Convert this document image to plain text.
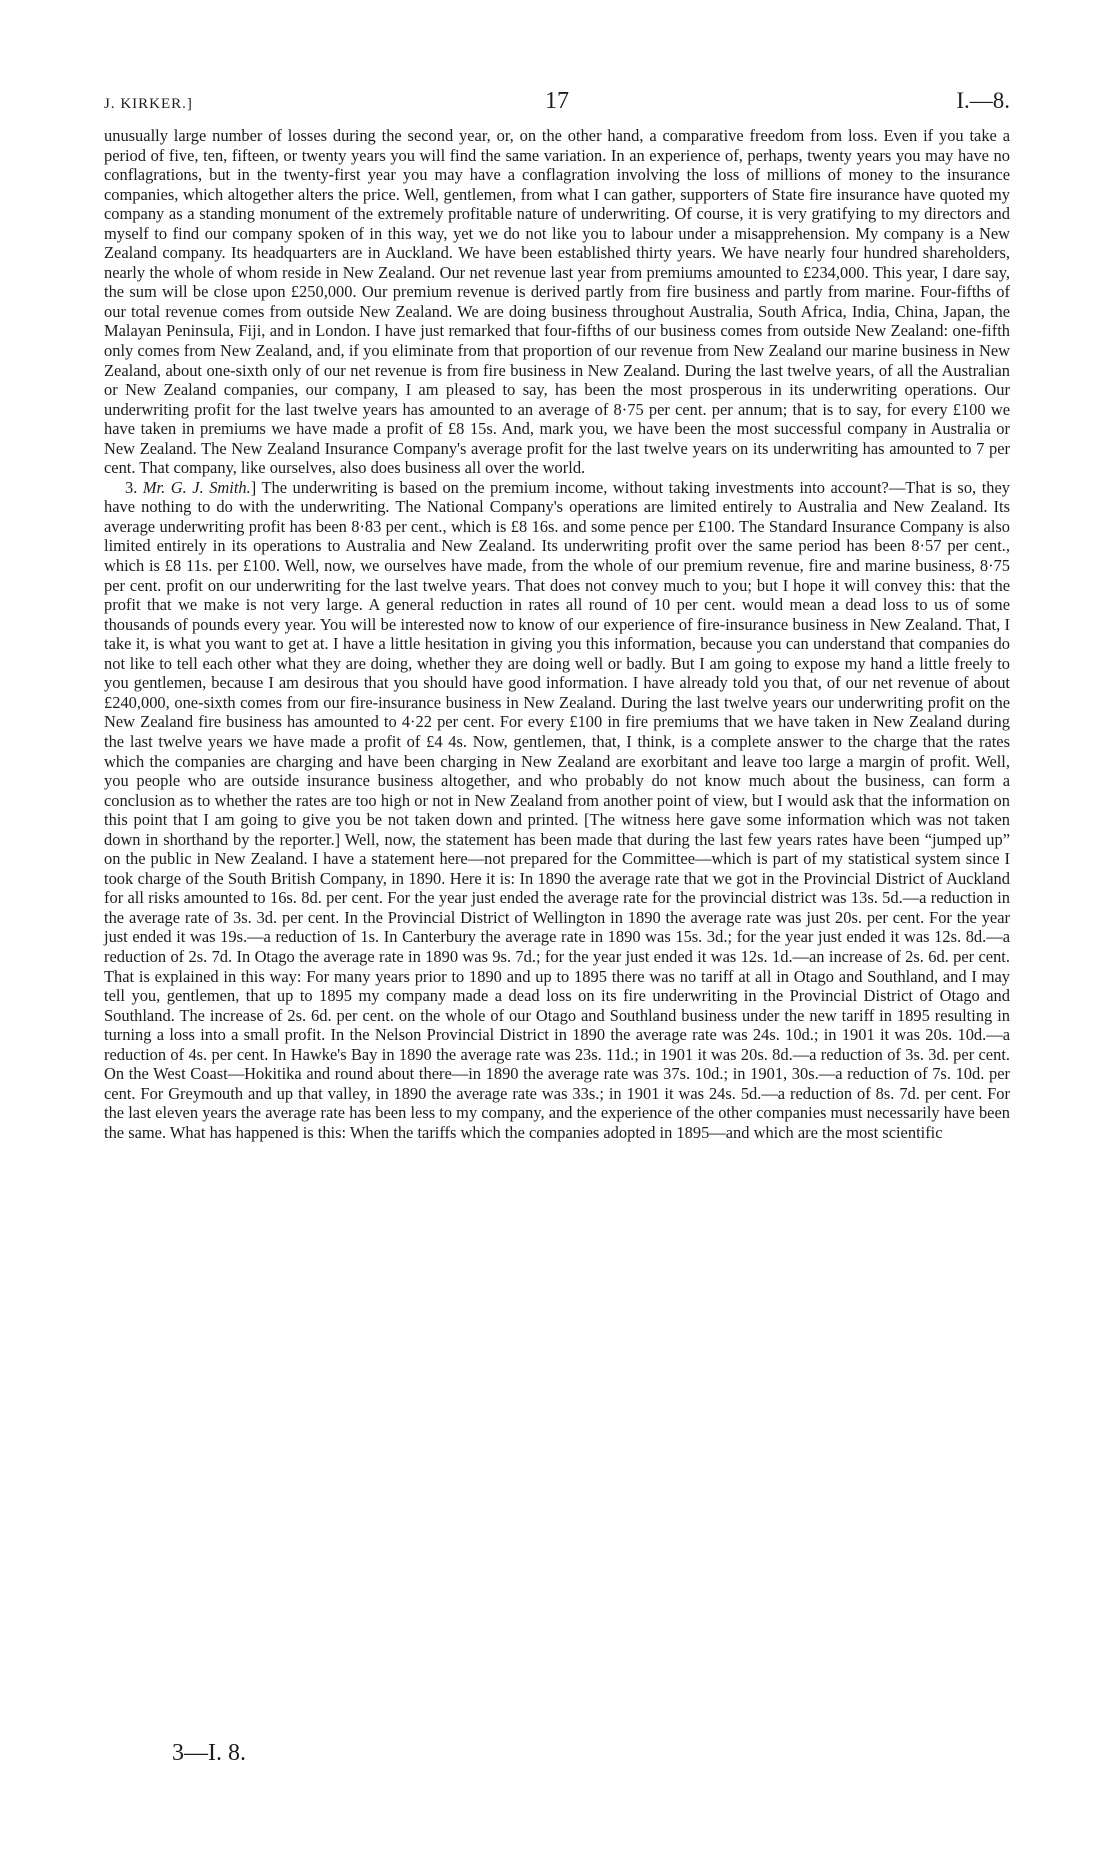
J. KIRKER.]	17	I.—8.

unusually large number of losses during the second year, or, on the other hand, a comparative freedom from loss. Even if you take a period of five, ten, fifteen, or twenty years you will find the same variation. In an experience of, perhaps, twenty years you may have no conflagrations, but in the twenty-first year you may have a conflagration involving the loss of millions of money to the insurance companies, which altogether alters the price. Well, gentlemen, from what I can gather, supporters of State fire insurance have quoted my company as a standing monument of the extremely profitable nature of underwriting. Of course, it is very gratifying to my directors and myself to find our company spoken of in this way, yet we do not like you to labour under a misapprehension. My company is a New Zealand company. Its headquarters are in Auckland. We have been established thirty years. We have nearly four hundred shareholders, nearly the whole of whom reside in New Zealand. Our net revenue last year from premiums amounted to £234,000. This year, I dare say, the sum will be close upon £250,000. Our premium revenue is derived partly from fire business and partly from marine. Four-fifths of our total revenue comes from outside New Zealand. We are doing business throughout Australia, South Africa, India, China, Japan, the Malayan Peninsula, Fiji, and in London. I have just remarked that four-fifths of our business comes from outside New Zealand: one-fifth only comes from New Zealand, and, if you eliminate from that proportion of our revenue from New Zealand our marine business in New Zealand, about one-sixth only of our net revenue is from fire business in New Zealand. During the last twelve years, of all the Australian or New Zealand companies, our company, I am pleased to say, has been the most prosperous in its underwriting operations. Our underwriting profit for the last twelve years has amounted to an average of 8·75 per cent. per annum; that is to say, for every £100 we have taken in premiums we have made a profit of £8 15s. And, mark you, we have been the most successful company in Australia or New Zealand. The New Zealand Insurance Company's average profit for the last twelve years on its underwriting has amounted to 7 per cent. That company, like ourselves, also does business all over the world.

3. Mr. G. J. Smith.] The underwriting is based on the premium income, without taking investments into account?—That is so, they have nothing to do with the underwriting. The National Company's operations are limited entirely to Australia and New Zealand. Its average underwriting profit has been 8·83 per cent., which is £8 16s. and some pence per £100. The Standard Insurance Company is also limited entirely in its operations to Australia and New Zealand. Its underwriting profit over the same period has been 8·57 per cent., which is £8 11s. per £100. Well, now, we ourselves have made, from the whole of our premium revenue, fire and marine business, 8·75 per cent. profit on our underwriting for the last twelve years. That does not convey much to you; but I hope it will convey this: that the profit that we make is not very large. A general reduction in rates all round of 10 per cent. would mean a dead loss to us of some thousands of pounds every year. You will be interested now to know of our experience of fire-insurance business in New Zealand. That, I take it, is what you want to get at. I have a little hesitation in giving you this information, because you can understand that companies do not like to tell each other what they are doing, whether they are doing well or badly. But I am going to expose my hand a little freely to you gentlemen, because I am desirous that you should have good information. I have already told you that, of our net revenue of about £240,000, one-sixth comes from our fire-insurance business in New Zealand. During the last twelve years our underwriting profit on the New Zealand fire business has amounted to 4·22 per cent. For every £100 in fire premiums that we have taken in New Zealand during the last twelve years we have made a profit of £4 4s. Now, gentlemen, that, I think, is a complete answer to the charge that the rates which the companies are charging and have been charging in New Zealand are exorbitant and leave too large a margin of profit. Well, you people who are outside insurance business altogether, and who probably do not know much about the business, can form a conclusion as to whether the rates are too high or not in New Zealand from another point of view, but I would ask that the information on this point that I am going to give you be not taken down and printed. [The witness here gave some information which was not taken down in shorthand by the reporter.] Well, now, the statement has been made that during the last few years rates have been “jumped up” on the public in New Zealand. I have a statement here—not prepared for the Committee—which is part of my statistical system since I took charge of the South British Company, in 1890. Here it is: In 1890 the average rate that we got in the Provincial District of Auckland for all risks amounted to 16s. 8d. per cent. For the year just ended the average rate for the provincial district was 13s. 5d.—a reduction in the average rate of 3s. 3d. per cent. In the Provincial District of Wellington in 1890 the average rate was just 20s. per cent. For the year just ended it was 19s.—a reduction of 1s. In Canterbury the average rate in 1890 was 15s. 3d.; for the year just ended it was 12s. 8d.—a reduction of 2s. 7d. In Otago the average rate in 1890 was 9s. 7d.; for the year just ended it was 12s. 1d.—an increase of 2s. 6d. per cent. That is explained in this way: For many years prior to 1890 and up to 1895 there was no tariff at all in Otago and Southland, and I may tell you, gentlemen, that up to 1895 my company made a dead loss on its fire underwriting in the Provincial District of Otago and Southland. The increase of 2s. 6d. per cent. on the whole of our Otago and Southland business under the new tariff in 1895 resulting in turning a loss into a small profit. In the Nelson Provincial District in 1890 the average rate was 24s. 10d.; in 1901 it was 20s. 10d.—a reduction of 4s. per cent. In Hawke's Bay in 1890 the average rate was 23s. 11d.; in 1901 it was 20s. 8d.—a reduction of 3s. 3d. per cent. On the West Coast—Hokitika and round about there—in 1890 the average rate was 37s. 10d.; in 1901, 30s.—a reduction of 7s. 10d. per cent. For Greymouth and up that valley, in 1890 the average rate was 33s.; in 1901 it was 24s. 5d.—a reduction of 8s. 7d. per cent. For the last eleven years the average rate has been less to my company, and the experience of the other companies must necessarily have been the same. What has happened is this: When the tariffs which the companies adopted in 1895—and which are the most scientific

3—I. 8.
